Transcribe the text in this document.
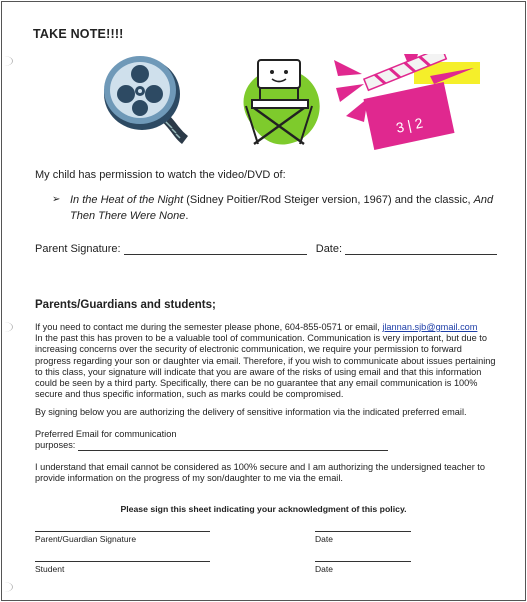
TAKE NOTE!!!!
3 | 2
My child has permission to watch the video/DVD of:
➢ In the Heat of the Night (Sidney Poitier/Rod Steiger version, 1967) and the classic, And Then There Were None.
Parent Signature:	Date:
Parents/Guardians and students;
If you need to contact me during the semester please phone, 604-855-0571 or email, jlannan.sjb@gmail.com
In the past this has proven to be a valuable tool of communication. Communication is very important, but due to increasing concerns over the security of electronic communication, we require your permission to forward progress regarding your son or daughter via email. Therefore, if you wish to communicate about issues pertaining to this class, your signature will indicate that you are aware of the risks of using email and that this information could be seen by a third party. Specifically, there can be no guarantee that any email communication is 100% secure and thus specific information, such as marks could be compromised.
By signing below you are authorizing the delivery of sensitive information via the indicated preferred email.
Preferred Email for communication
purposes:
I understand that email cannot be considered as 100% secure and I am authorizing the undersigned teacher to provide information on the progress of my son/daughter to me via the email.
Please sign this sheet indicating your acknowledgment of this policy.
Parent/Guardian Signature	Date
Student	Date
